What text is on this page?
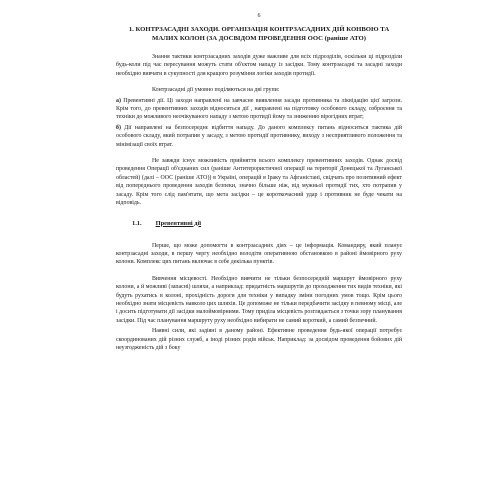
6
1. КОНТРЗАСАДНІ ЗАХОДИ. ОРГАНІЗАЦІЯ КОНТРЗАСАДНИХ ДІЙ КОНВОЮ ТА МАЛИХ КОЛОН (ЗА ДОСВІДОМ ПРОВЕДЕННЯ ООС (раніше АТО)

Знання тактики контрзасадних заходів дуже важливе для всіх підрозділів, оскільки ці підрозділи будь-коли під час пересування можуть стати об'єктом нападу із засідки. Тому контрзасадні та засадні заходи необхідно вивчати в сукупності для кращого розуміння логіки заходів протидії.

Контрзасадні дії умовно поділяються на дві групи:

а) Превентивні дії. Ці заходи направлені на завчасне виявлення засади противника та ліквідацію цієї загрози. Крім того, до превентивних заходів відноситься дії , направлені на підготовку особового складу, озброєння та техніки до можливого неочікуваного нападу з метою протидії йому та зниженню вірогідних втрат;

б) Дії направлені на безпосереднє відбиття нападу. До даного комплексу питань відноситься тактика дій особового складу, який потрапив у засаду, з метою протидії противнику, виходу з несприятливого положення та мінімізації своїх втрат.

Не завжди існує можливість прийняття всього комплексу превентивних заходів. Однак досвід проведення Операції об'єднаних сил (раніше Антитерористичної операції на території Донецької та Луганської областей) (далі – ООС (раніше АТО)) в Україні, операцій в Іраку та Афганістані, свідчать про позитивний ефект від попереднього проведення заходів безпеки, значно більше ніж, від мужньої протидії тих, хто потрапив у засаду. Крім того слід пам'ятати, що мета засідки – це короткочасний удар і противник не буде чекати на відповідь.

1.1. Превентивні дії

Перше, що може допомогти в контрзасадних діях – це інформація. Командиру, який планує контрзасадні заходи, в першу чергу необхідно володіти оперативною обстановкою в районі ймовірного руху колони. Комплекс цих питань включає в себе декілька пунктів.

Вивчення місцевості. Необхідно вивчити не тільки безпосередній маршрут ймовірного руху колони, а й можливі (запасні) шляхи, а наприклад: придатність маршрутів до проходження тих видів техніки, які будуть рухатись в колоні, прохідність дороги для техніки у випадку зміни погодних умов тощо. Крім цього необхідно знати місцевість навколо цих шляхів. Це допоможе не тільки передбачити засідку в певному місці, але і досить підготувати дії засідки малоймовірними. Тому приділа місцевість розглядається з точки зору планування засідки. Під час планування маршруту руху необхідно вибирати не самий короткий, а самий безпечний.

Наявні сили, які задіяні в даному районі. Ефективне проведення будь-якої операції потребує скоординованих дій різних служб, а іноді різних родів військ. Наприклад: за досвідом проведення бойових дій неузгодженість дій з боку
